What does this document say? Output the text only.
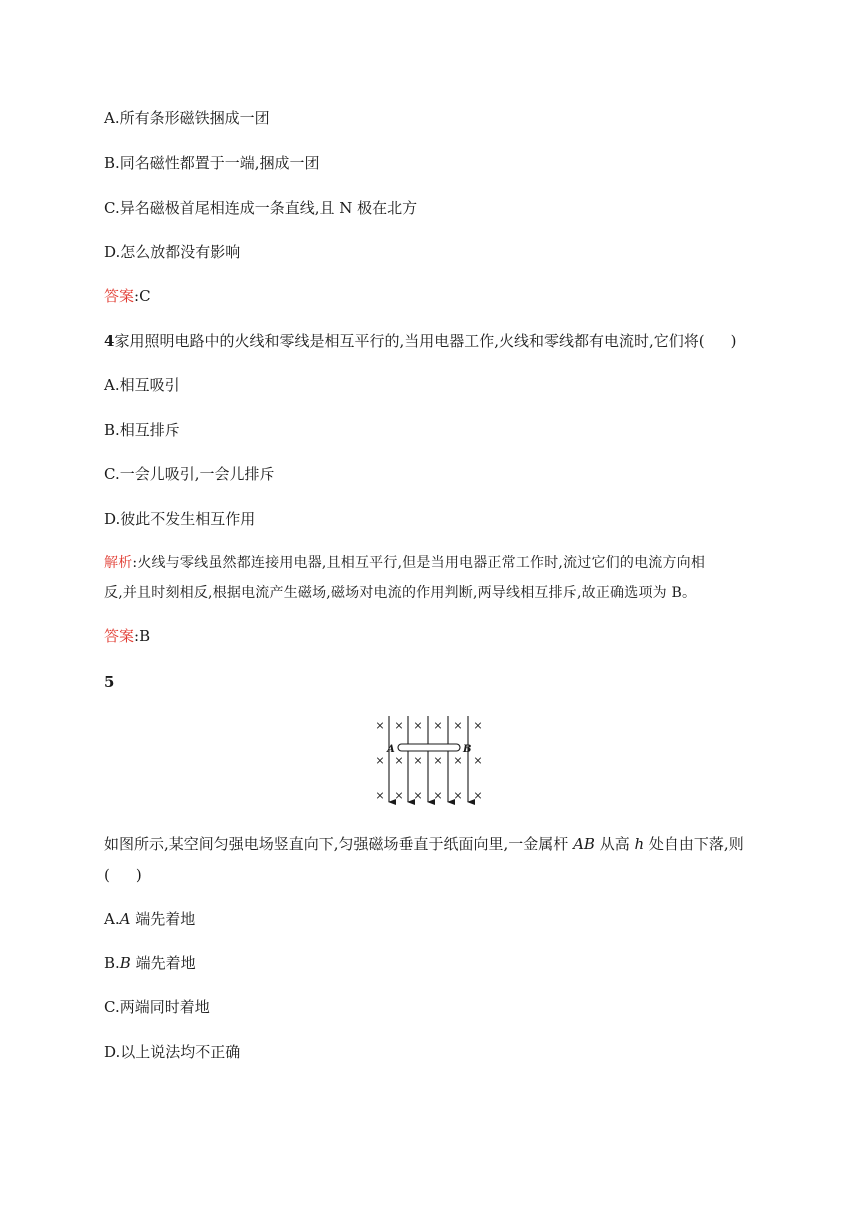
A.所有条形磁铁捆成一团
B.同名磁性都置于一端,捆成一团
C.异名磁极首尾相连成一条直线,且 N 极在北方
D.怎么放都没有影响
答案:C
4家用照明电路中的火线和零线是相互平行的,当用电器工作,火线和零线都有电流时,它们将( )
A.相互吸引
B.相互排斥
C.一会儿吸引,一会儿排斥
D.彼此不发生相互作用
解析:火线与零线虽然都连接用电器,且相互平行,但是当用电器正常工作时,流过它们的电流方向相
反,并且时刻相反,根据电流产生磁场,磁场对电流的作用判断,两导线相互排斥,故正确选项为 B。
答案:B
5
× × × × × ×
× × × × × ×
× × × × × ×
A	B
如图所示,某空间匀强电场竖直向下,匀强磁场垂直于纸面向里,一金属杆 AB 从高 h 处自由下落,则
( )
A.A 端先着地
B.B 端先着地
C.两端同时着地
D.以上说法均不正确
